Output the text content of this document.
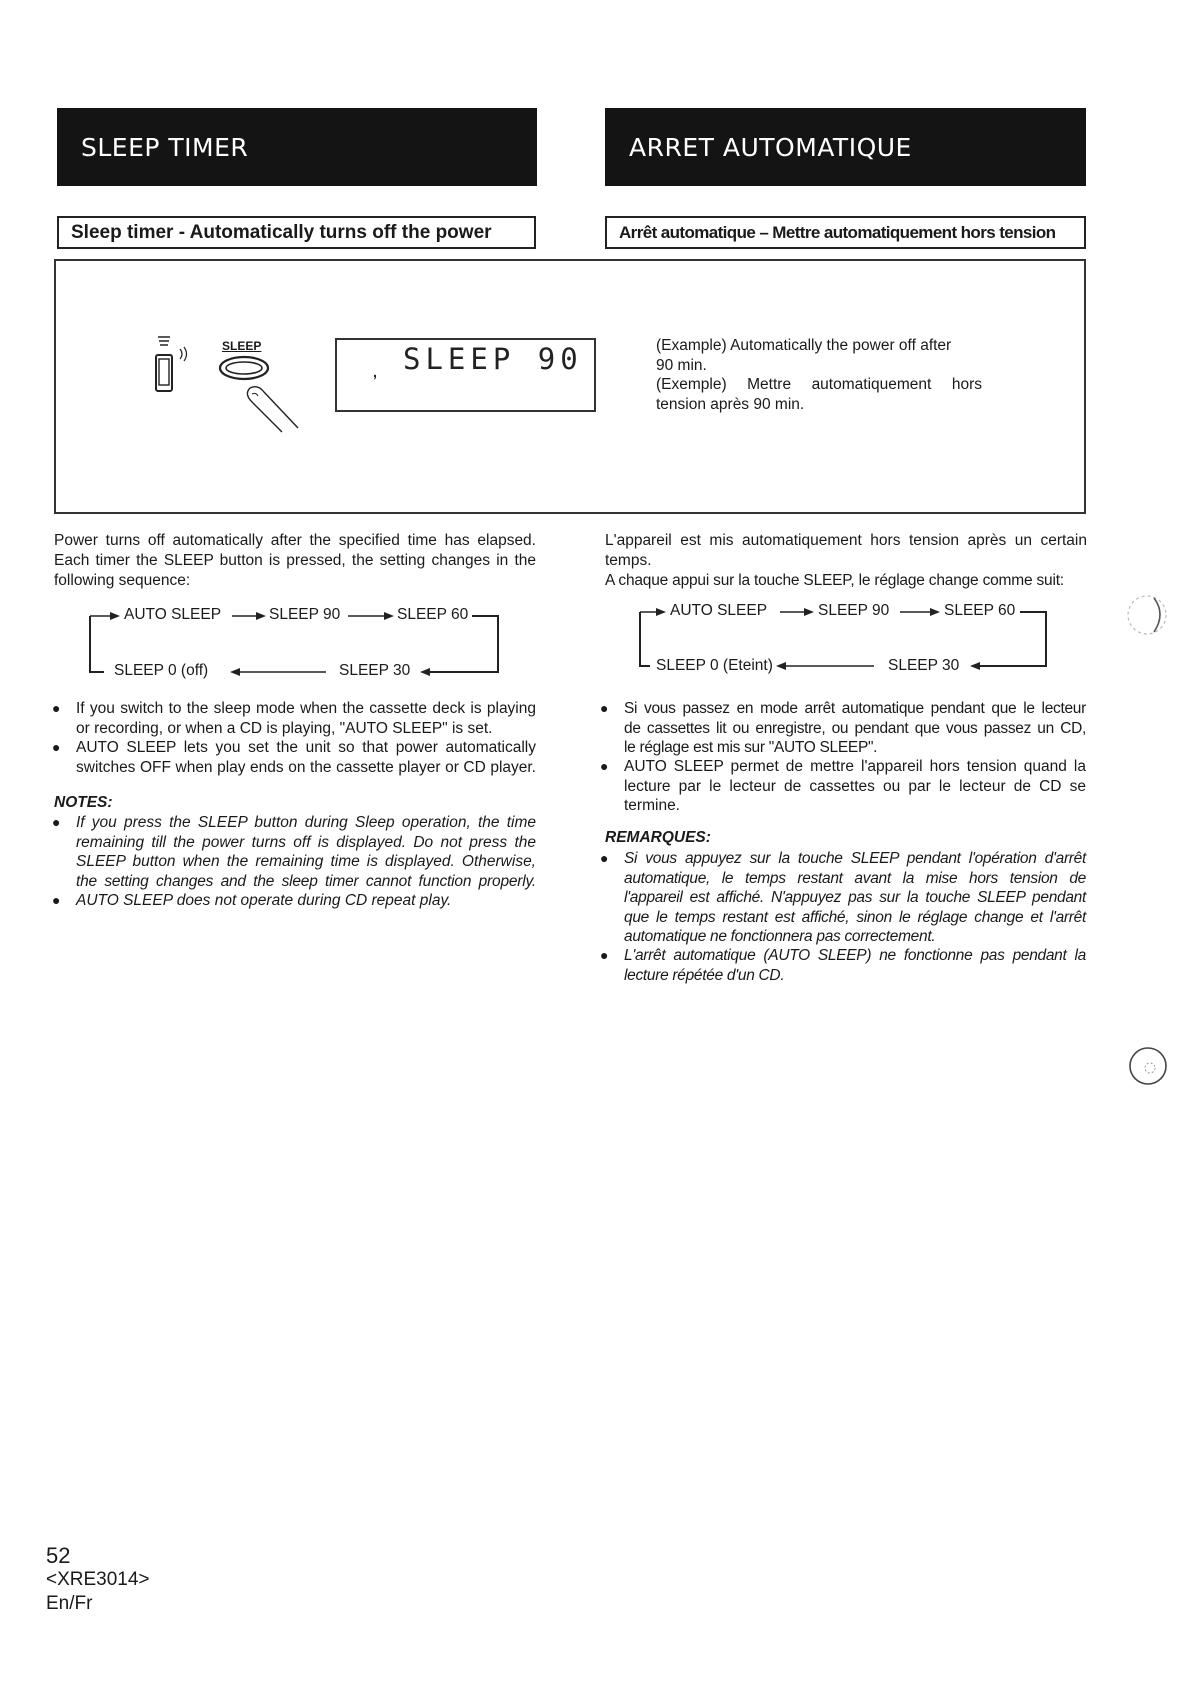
SLEEP TIMER	ARRET AUTOMATIQUE
Sleep timer - Automatically turns off the power	Arrêt automatique – Mettre automatiquement hors tension
SLEEP
, SLEEP 90	(Example) Automatically the power off after
90 min.
(Exemple) Mettre automatiquement hors
tension après 90 min.

Power turns off automatically after the specified time has elapsed.

Each timer the SLEEP button is pressed, the setting changes in the

following sequence:

AUTO SLEEP	SLEEP 90	SLEEP 60
SLEEP 0 (off)	SLEEP 30
● If you switch to the sleep mode when the cassette deck is playing
or recording, or when a CD is playing, "AUTO SLEEP" is set.
● AUTO SLEEP lets you set the unit so that power automatically
switches OFF when play ends on the cassette player or CD player.
NOTES:
● If you press the SLEEP button during Sleep operation, the time
remaining till the power turns off is displayed. Do not press the
SLEEP button when the remaining time is displayed. Otherwise,
the setting changes and the sleep timer cannot function properly.
● AUTO SLEEP does not operate during CD repeat play.

L'appareil est mis automatiquement hors tension après un certain

temps.

A chaque appui sur la touche SLEEP, le réglage change comme suit:

AUTO SLEEP	SLEEP 90	SLEEP 60
SLEEP 0 (Eteint)	SLEEP 30
● Si vous passez en mode arrêt automatique pendant que le lecteur
de cassettes lit ou enregistre, ou pendant que vous passez un CD,
le réglage est mis sur "AUTO SLEEP".
● AUTO SLEEP permet de mettre l'appareil hors tension quand la
lecture par le lecteur de cassettes ou par le lecteur de CD se
termine.
REMARQUES:
● Si vous appuyez sur la touche SLEEP pendant l'opération d'arrêt
automatique, le temps restant avant la mise hors tension de
l'appareil est affiché. N'appuyez pas sur la touche SLEEP pendant
que le temps restant est affiché, sinon le réglage change et l'arrêt
automatique ne fonctionnera pas correctement.
● L'arrêt automatique (AUTO SLEEP) ne fonctionne pas pendant la
lecture répétée d'un CD.
52
<XRE3014>
En/Fr
